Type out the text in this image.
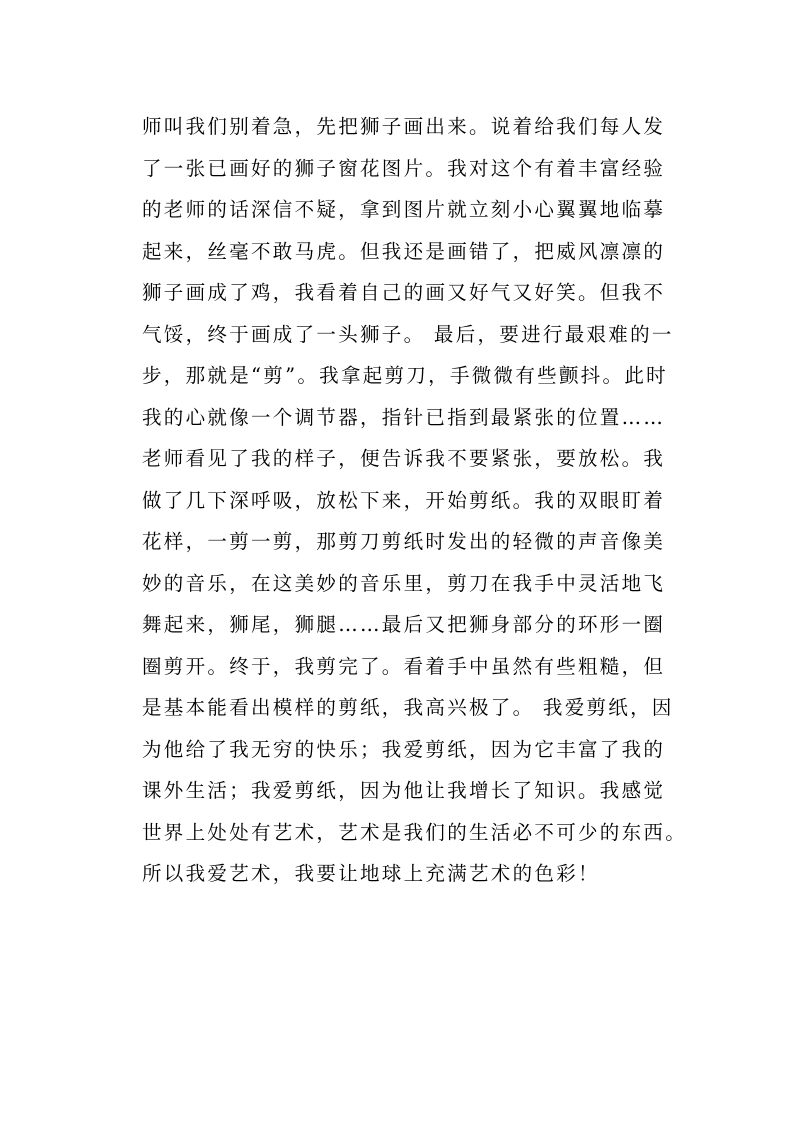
师叫我们别着急，先把狮子画出来。说着给我们每人发
了一张已画好的狮子窗花图片。我对这个有着丰富经验
的老师的话深信不疑，拿到图片就立刻小心翼翼地临摹
起来，丝毫不敢马虎。但我还是画错了，把威风凛凛的
狮子画成了鸡，我看着自己的画又好气又好笑。但我不
气馁，终于画成了一头狮子。 最后，要进行最艰难的一
步，那就是“剪”。我拿起剪刀，手微微有些颤抖。此时
我的心就像一个调节器，指针已指到最紧张的位置……
老师看见了我的样子，便告诉我不要紧张，要放松。我
做了几下深呼吸，放松下来，开始剪纸。我的双眼盯着
花样，一剪一剪，那剪刀剪纸时发出的轻微的声音像美
妙的音乐，在这美妙的音乐里，剪刀在我手中灵活地飞
舞起来，狮尾，狮腿……最后又把狮身部分的环形一圈
圈剪开。终于，我剪完了。看着手中虽然有些粗糙，但
是基本能看出模样的剪纸，我高兴极了。 我爱剪纸，因
为他给了我无穷的快乐；我爱剪纸，因为它丰富了我的
课外生活；我爱剪纸，因为他让我增长了知识。我感觉
世界上处处有艺术，艺术是我们的生活必不可少的东西。
所以我爱艺术，我要让地球上充满艺术的色彩！
